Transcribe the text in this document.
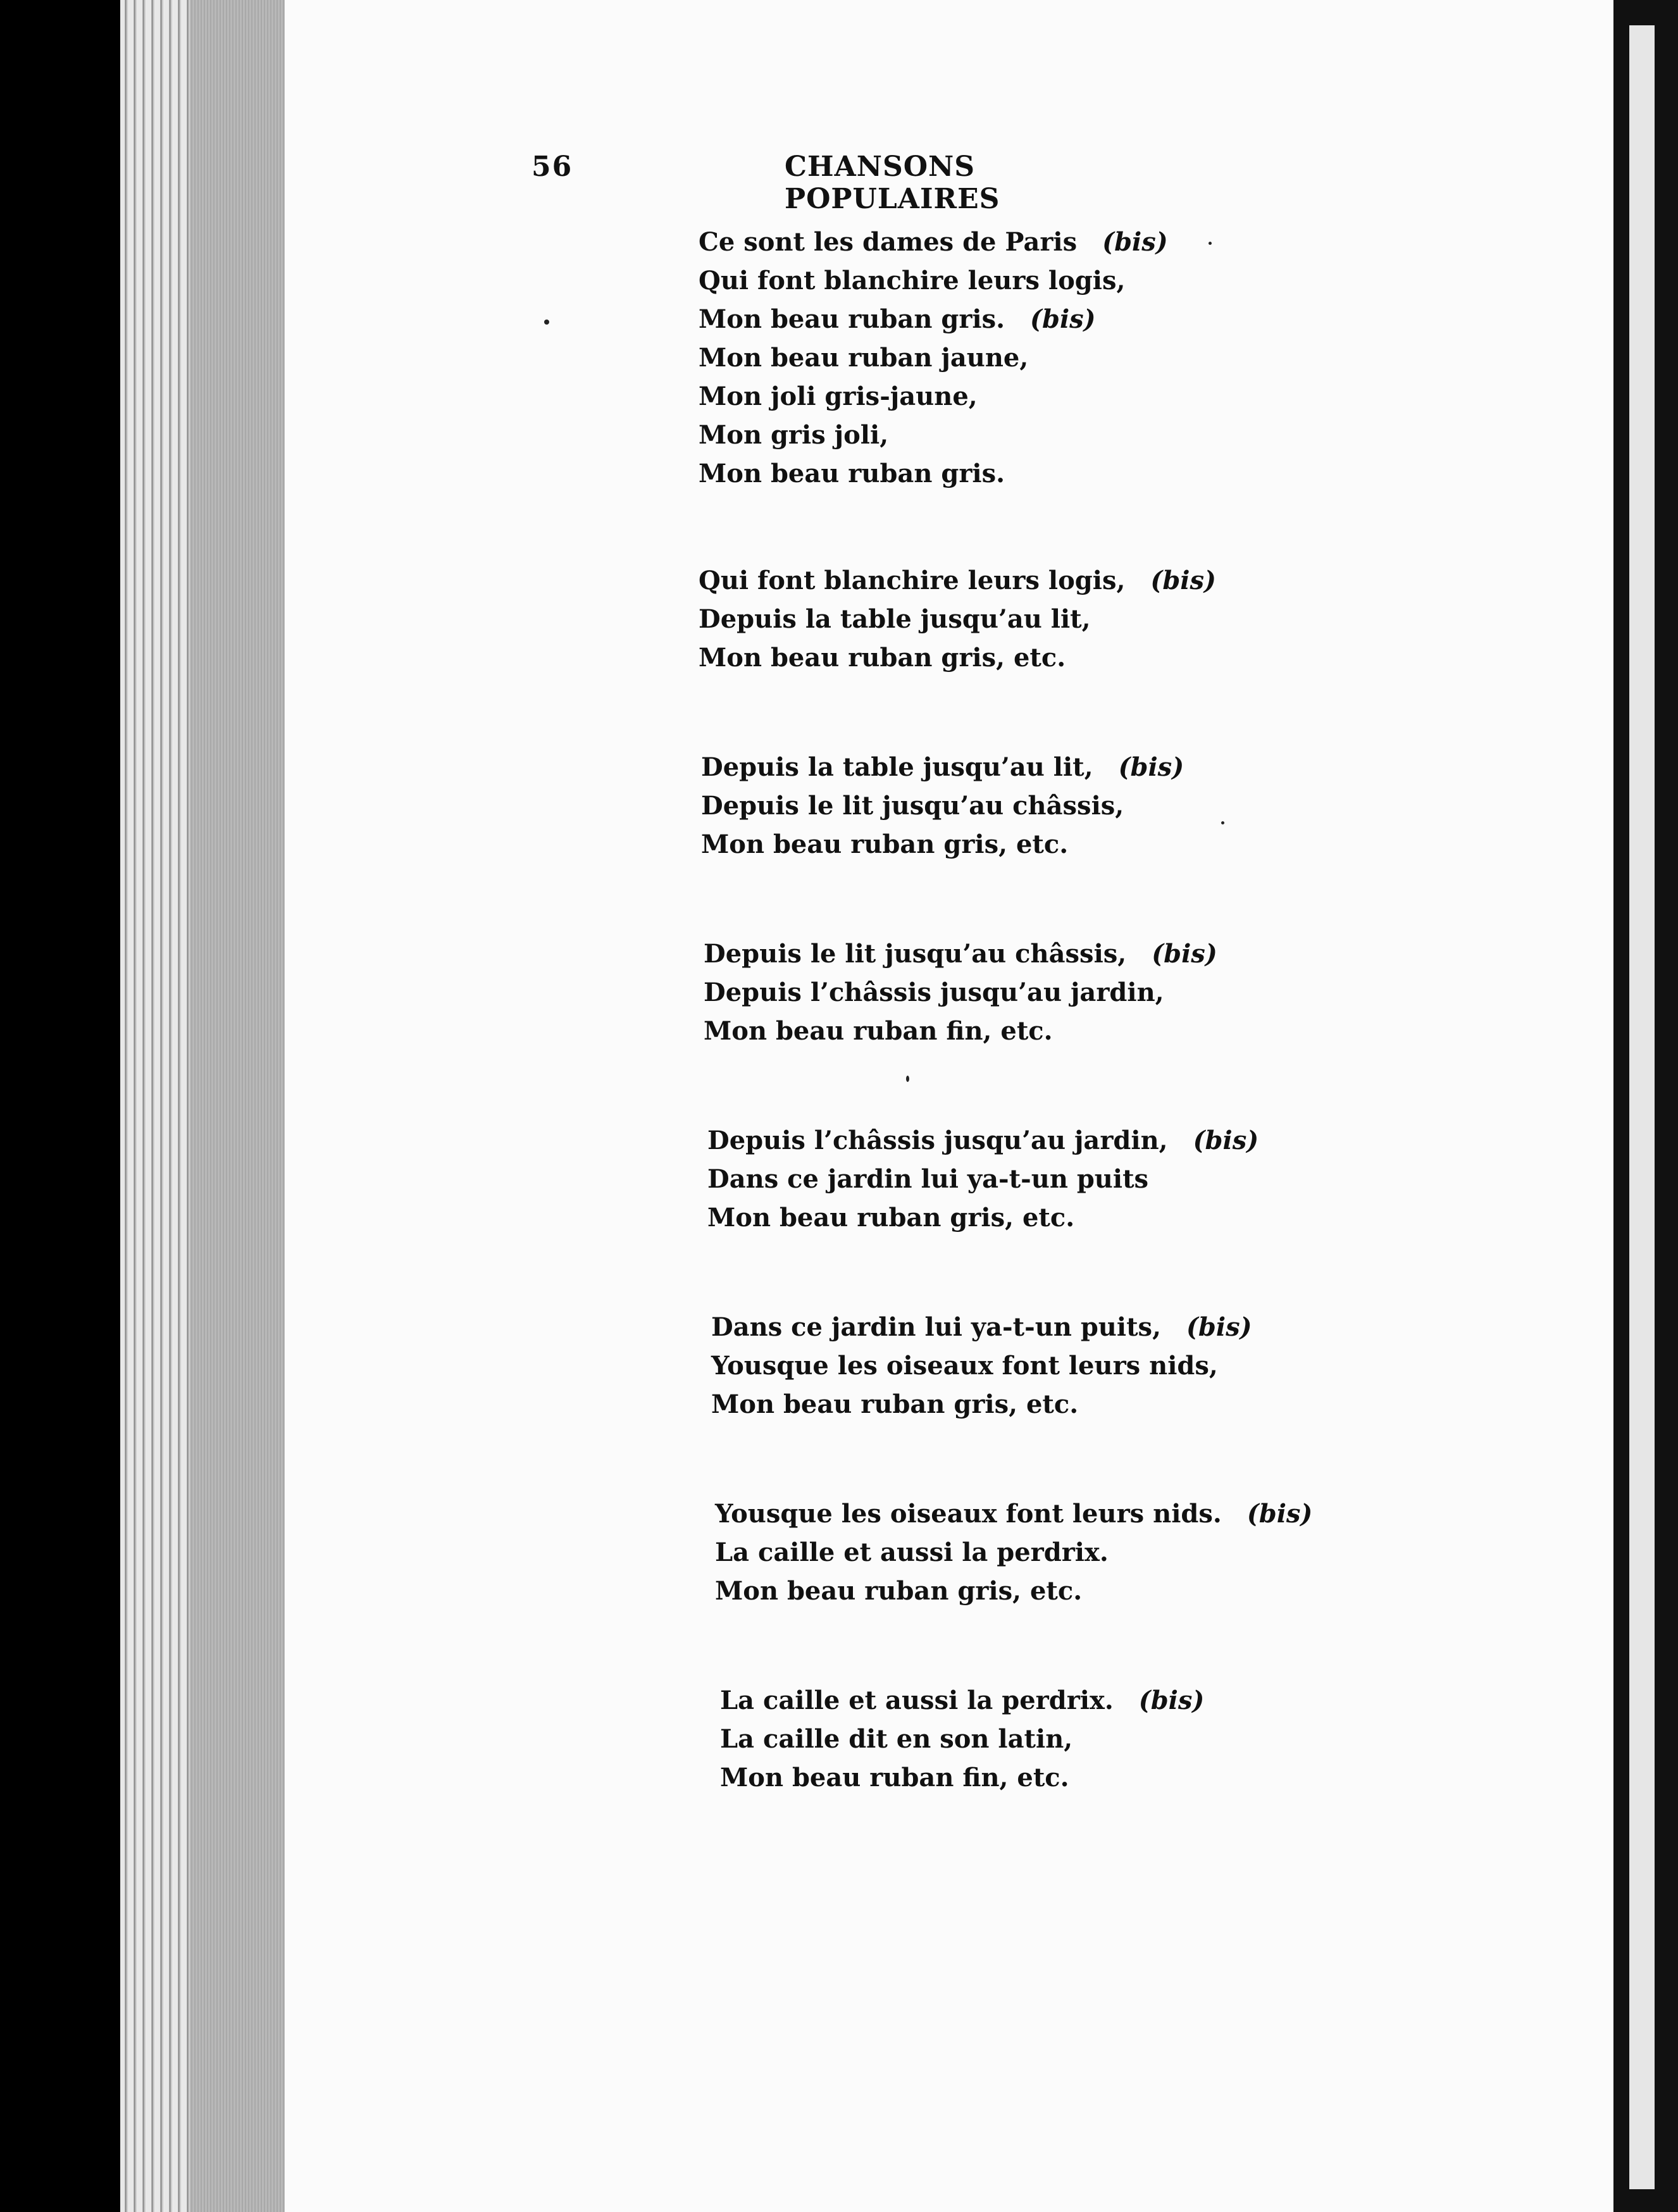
56	CHANSONS POPULAIRES
Ce sont les dames de Paris (bis)
Qui font blanchire leurs logis,
Mon beau ruban gris. (bis)
Mon beau ruban jaune,
Mon joli gris-jaune,
Mon gris joli,
Mon beau ruban gris.
Qui font blanchire leurs logis, (bis)
Depuis la table jusqu’au lit,
Mon beau ruban gris, etc.
Depuis la table jusqu’au lit, (bis)
Depuis le lit jusqu’au châssis,
Mon beau ruban gris, etc.
Depuis le lit jusqu’au châssis, (bis)
Depuis l’châssis jusqu’au jardin,
Mon beau ruban fin, etc.
Depuis l’châssis jusqu’au jardin, (bis)
Dans ce jardin lui ya-t-un puits
Mon beau ruban gris, etc.
Dans ce jardin lui ya-t-un puits, (bis)
Yousque les oiseaux font leurs nids,
Mon beau ruban gris, etc.
Yousque les oiseaux font leurs nids. (bis)
La caille et aussi la perdrix.
Mon beau ruban gris, etc.
La caille et aussi la perdrix. (bis)
La caille dit en son latin,
Mon beau ruban fin, etc.
